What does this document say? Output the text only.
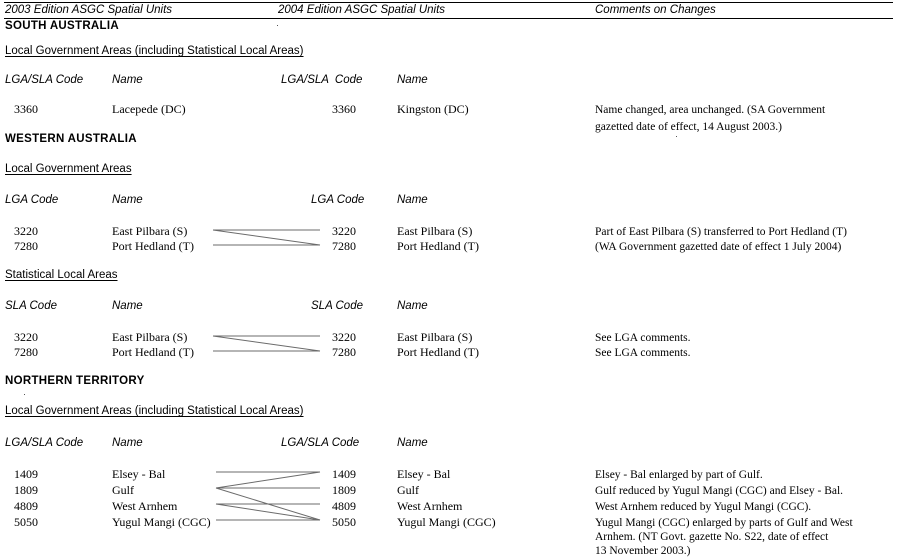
2003 Edition ASGC Spatial Units	2004 Edition ASGC Spatial Units	Comments on Changes
SOUTH AUSTRALIA
Local Government Areas (including Statistical Local Areas)
LGA/SLA Code	Name	LGA/SLA  Code	Name
3360	Lacepede (DC)	3360	Kingston (DC)	Name changed, area unchanged. (SA Government
gazetted date of effect, 14 August 2003.)
WESTERN AUSTRALIA
Local Government Areas
LGA Code	Name	LGA Code	Name
3220	East Pilbara (S)	3220	East Pilbara (S)	Part of East Pilbara (S) transferred to Port Hedland (T)
7280	Port Hedland (T)	7280	Port Hedland (T)	(WA Government gazetted date of effect 1 July 2004)
Statistical Local Areas
SLA Code	Name	SLA Code	Name
3220	East Pilbara (S)	3220	East Pilbara (S)	See LGA comments.
7280	Port Hedland (T)	7280	Port Hedland (T)	See LGA comments.
NORTHERN TERRITORY
Local Government Areas (including Statistical Local Areas)
LGA/SLA Code	Name	LGA/SLA Code	Name
1409	Elsey - Bal	1409	Elsey - Bal	Elsey - Bal enlarged by part of Gulf.
1809	Gulf	1809	Gulf	Gulf reduced by Yugul Mangi (CGC) and Elsey - Bal.
4809	West Arnhem	4809	West Arnhem	West Arnhem reduced by Yugul Mangi (CGC).
5050	Yugul Mangi (CGC)	5050	Yugul Mangi (CGC)	Yugul Mangi (CGC) enlarged by parts of Gulf and West
Arnhem. (NT Govt. gazette No. S22, date of effect
13 November 2003.)
